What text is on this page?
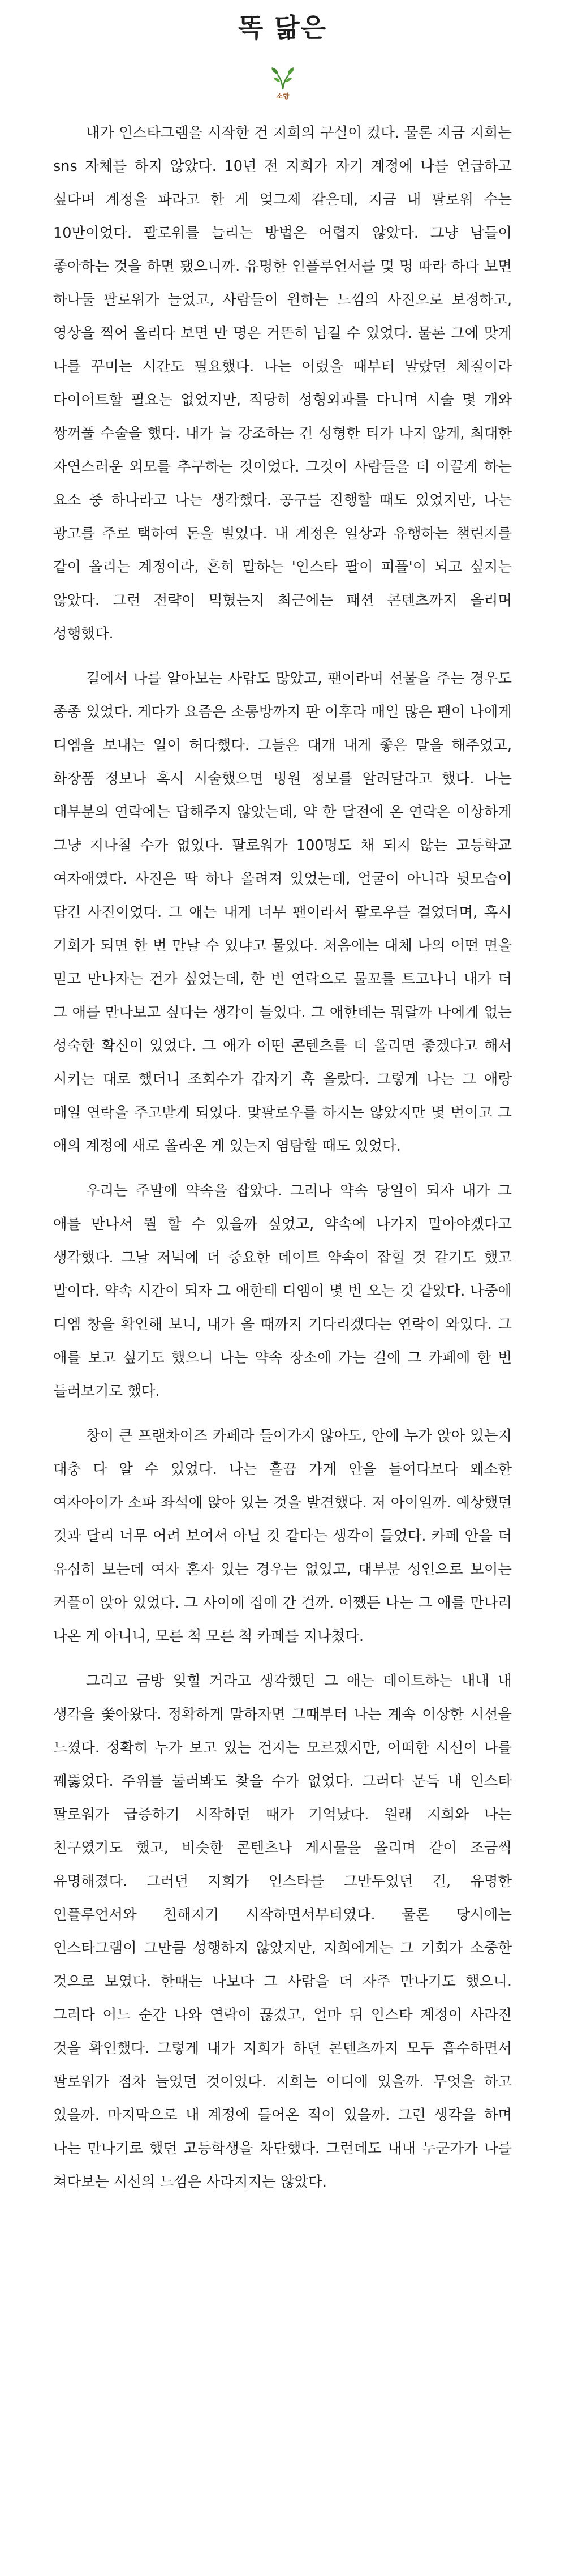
똑 닮은
소향

내가 인스타그램을 시작한 건 지희의 구실이 컸다. 물론 지금 지희는 sns 자체를 하지 않았다. 10년 전 지희가 자기 계정에 나를 언급하고 싶다며 계정을 파라고 한 게 엊그제 같은데, 지금 내 팔로워 수는 10만이었다. 팔로워를 늘리는 방법은 어렵지 않았다. 그냥 남들이 좋아하는 것을 하면 됐으니까. 유명한 인플루언서를 몇 명 따라 하다 보면 하나둘 팔로워가 늘었고, 사람들이 원하는 느낌의 사진으로 보정하고, 영상을 찍어 올리다 보면 만 명은 거뜬히 넘길 수 있었다. 물론 그에 맞게 나를 꾸미는 시간도 필요했다. 나는 어렸을 때부터 말랐던 체질이라 다이어트할 필요는 없었지만, 적당히 성형외과를 다니며 시술 몇 개와 쌍꺼풀 수술을 했다. 내가 늘 강조하는 건 성형한 티가 나지 않게, 최대한 자연스러운 외모를 추구하는 것이었다. 그것이 사람들을 더 이끌게 하는 요소 중 하나라고 나는 생각했다. 공구를 진행할 때도 있었지만, 나는 광고를 주로 택하여 돈을 벌었다. 내 계정은 일상과 유행하는 챌린지를 같이 올리는 계정이라, 흔히 말하는 '인스타 팔이 피플'이 되고 싶지는 않았다. 그런 전략이 먹혔는지 최근에는 패션 콘텐츠까지 올리며 성행했다.

길에서 나를 알아보는 사람도 많았고, 팬이라며 선물을 주는 경우도 종종 있었다. 게다가 요즘은 소통방까지 판 이후라 매일 많은 팬이 나에게 디엠을 보내는 일이 허다했다. 그들은 대개 내게 좋은 말을 해주었고, 화장품 정보나 혹시 시술했으면 병원 정보를 알려달라고 했다. 나는 대부분의 연락에는 답해주지 않았는데, 약 한 달전에 온 연락은 이상하게 그냥 지나칠 수가 없었다. 팔로워가 100명도 채 되지 않는 고등학교 여자애였다. 사진은 딱 하나 올려져 있었는데, 얼굴이 아니라 뒷모습이 담긴 사진이었다. 그 애는 내게 너무 팬이라서 팔로우를 걸었더며, 혹시 기회가 되면 한 번 만날 수 있냐고 물었다. 처음에는 대체 나의 어떤 면을 믿고 만나자는 건가 싶었는데, 한 번 연락으로 물꼬를 트고나니 내가 더 그 애를 만나보고 싶다는 생각이 들었다. 그 애한테는 뭐랄까 나에게 없는 성숙한 확신이 있었다. 그 애가 어떤 콘텐츠를 더 올리면 좋겠다고 해서 시키는 대로 했더니 조회수가 갑자기 훅 올랐다. 그렇게 나는 그 애랑 매일 연락을 주고받게 되었다. 맞팔로우를 하지는 않았지만 몇 번이고 그 애의 계정에 새로 올라온 게 있는지 염탐할 때도 있었다.

우리는 주말에 약속을 잡았다. 그러나 약속 당일이 되자 내가 그 애를 만나서 뭘 할 수 있을까 싶었고, 약속에 나가지 말아야겠다고 생각했다. 그날 저녁에 더 중요한 데이트 약속이 잡힐 것 같기도 했고 말이다. 약속 시간이 되자 그 애한테 디엠이 몇 번 오는 것 같았다. 나중에 디엠 창을 확인해 보니, 내가 올 때까지 기다리겠다는 연락이 와있다. 그 애를 보고 싶기도 했으니 나는 약속 장소에 가는 길에 그 카페에 한 번 들러보기로 했다.

창이 큰 프랜차이즈 카페라 들어가지 않아도, 안에 누가 앉아 있는지 대충 다 알 수 있었다. 나는 흘끔 가게 안을 들여다보다 왜소한 여자아이가 소파 좌석에 앉아 있는 것을 발견했다. 저 아이일까. 예상했던 것과 달리 너무 어려 보여서 아닐 것 같다는 생각이 들었다. 카페 안을 더 유심히 보는데 여자 혼자 있는 경우는 없었고, 대부분 성인으로 보이는 커플이 앉아 있었다. 그 사이에 집에 간 걸까. 어쨌든 나는 그 애를 만나러 나온 게 아니니, 모른 척 모른 척 카페를 지나쳤다.

그리고 금방 잊힐 거라고 생각했던 그 애는 데이트하는 내내 내 생각을 쫓아왔다. 정확하게 말하자면 그때부터 나는 계속 이상한 시선을 느꼈다. 정확히 누가 보고 있는 건지는 모르겠지만, 어떠한 시선이 나를 꿰뚫었다. 주위를 둘러봐도 찾을 수가 없었다. 그러다 문득 내 인스타 팔로워가 급증하기 시작하던 때가 기억났다. 원래 지희와 나는 친구였기도 했고, 비슷한 콘텐츠나 게시물을 올리며 같이 조금씩 유명해졌다. 그러던 지희가 인스타를 그만두었던 건, 유명한 인플루언서와 친해지기 시작하면서부터였다. 물론 당시에는 인스타그램이 그만큼 성행하지 않았지만, 지희에게는 그 기회가 소중한 것으로 보였다. 한때는 나보다 그 사람을 더 자주 만나기도 했으니. 그러다 어느 순간 나와 연락이 끊겼고, 얼마 뒤 인스타 계정이 사라진 것을 확인했다. 그렇게 내가 지희가 하던 콘텐츠까지 모두 흡수하면서 팔로워가 점차 늘었던 것이었다. 지희는 어디에 있을까. 무엇을 하고 있을까. 마지막으로 내 계정에 들어온 적이 있을까. 그런 생각을 하며 나는 만나기로 했던 고등학생을 차단했다. 그런데도 내내 누군가가 나를 쳐다보는 시선의 느낌은 사라지지는 않았다.
